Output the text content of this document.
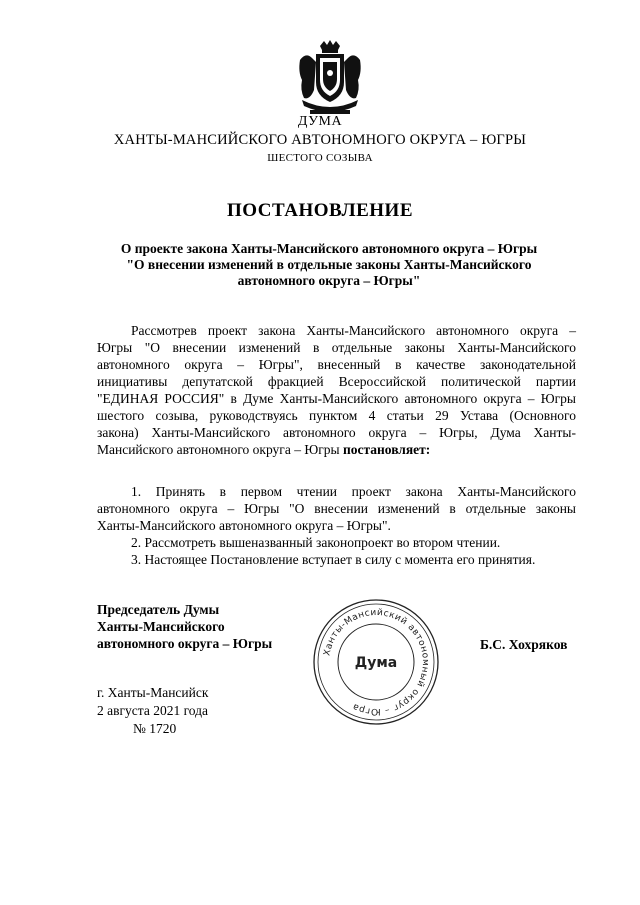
ДУМА
ХАНТЫ-МАНСИЙСКОГО АВТОНОМНОГО ОКРУГА – ЮГРЫ
ШЕСТОГО СОЗЫВА
ПОСТАНОВЛЕНИЕ
О проекте закона Ханты-Мансийского автономного округа – Югры
"О внесении изменений в отдельные законы Ханты-Мансийского
автономного округа – Югры"
Рассмотрев проект закона Ханты-Мансийского автономного округа –
Югры "О внесении изменений в отдельные законы Ханты-Мансийского
автономного округа – Югры", внесенный в качестве законодательной
инициативы депутатской фракцией Всероссийской политической партии
"ЕДИНАЯ РОССИЯ" в Думе Ханты-Мансийского автономного округа – Югры
шестого созыва, руководствуясь пунктом 4 статьи 29 Устава (Основного
закона) Ханты-Мансийского автономного округа – Югры, Дума Ханты-
Мансийского автономного округа – Югры постановляет:
1. Принять в первом чтении проект закона Ханты-Мансийского
автономного округа – Югры "О внесении изменений в отдельные законы
Ханты-Мансийского автономного округа – Югры".
2. Рассмотреть вышеназванный законопроект во втором чтении.
3. Настоящее Постановление вступает в силу с момента его принятия.
Председатель Думы
Ханты-Мансийского
автономного округа – Югры	Б.С. Хохряков
Ханты-Мансийский автономный округ – Югра
Дума
г. Ханты-Мансийск
2 августа 2021 года
№ 1720
